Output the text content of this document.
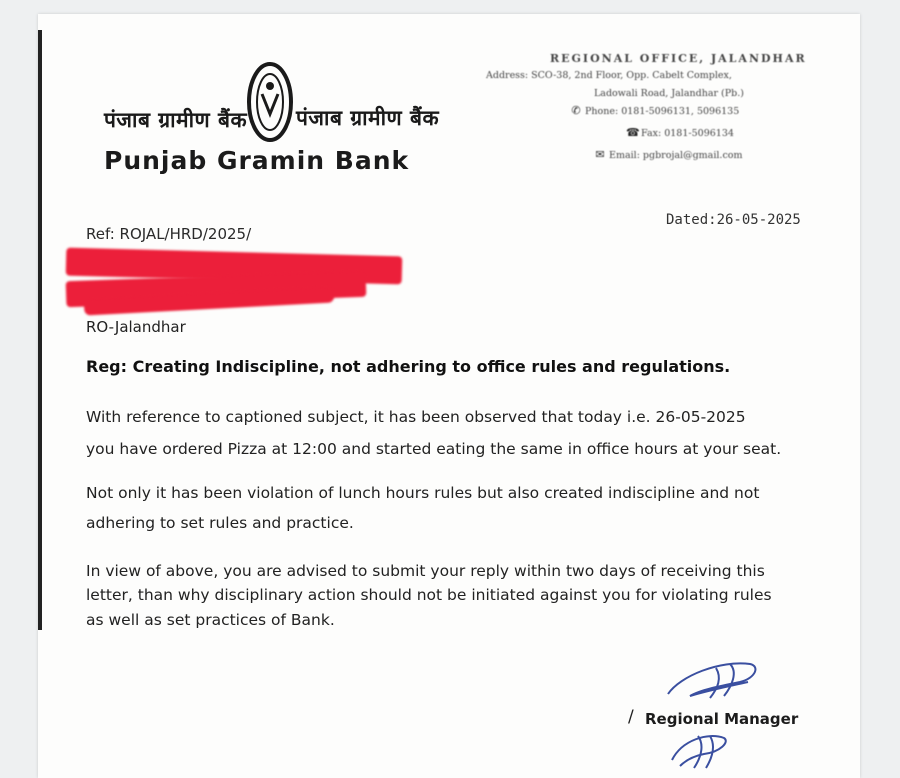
पंजाब ग्रामीण बैंक पंजाब ग्रामीण बैंक
Punjab Gramin Bank
REGIONAL OFFICE, JALANDHAR
Address: SCO-38, 2nd Floor, Opp. Cabelt Complex,
Ladowali Road, Jalandhar (Pb.)
✆ Phone: 0181-5096131, 5096135
☎ Fax: 0181-5096134
✉ Email: pgbrojal@gmail.com
Ref: ROJAL/HRD/2025/
Dated:26-05-2025
RO-Jalandhar
Reg: Creating Indiscipline, not adhering to office rules and regulations.
With reference to captioned subject, it has been observed that today i.e. 26-05-2025
you have ordered Pizza at 12:00 and started eating the same in office hours at your seat.
Not only it has been violation of lunch hours rules but also created indiscipline and not
adhering to set rules and practice.
In view of above, you are advised to submit your reply within two days of receiving this
letter, than why disciplinary action should not be initiated against you for violating rules
as well as set practices of Bank.
/ Regional Manager
